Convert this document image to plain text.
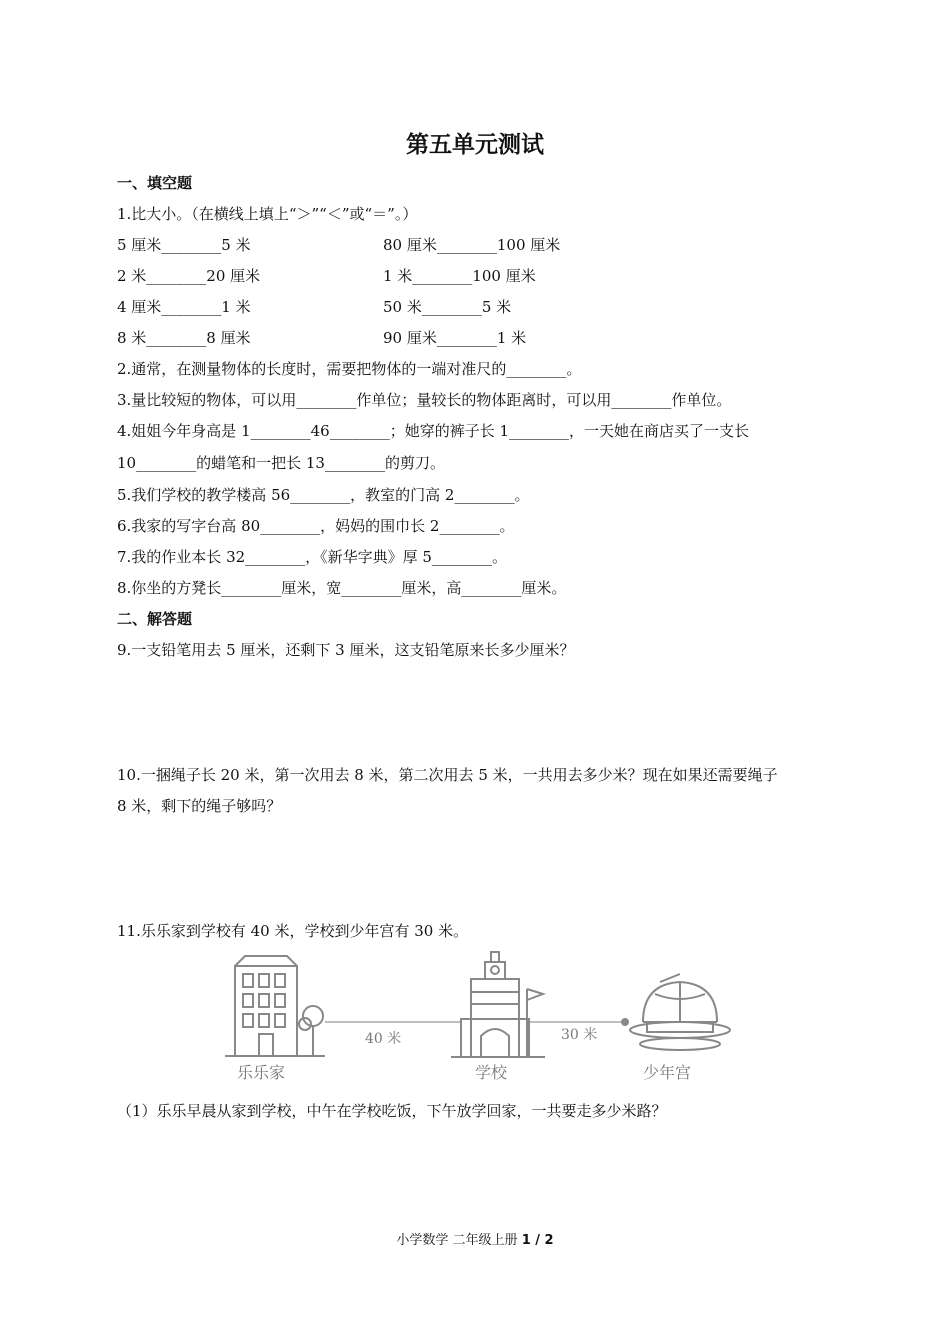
第五单元测试
一、填空题
1.比大小。（在横线上填上“＞”“＜”或“＝”。）
5 厘米________5 米	80 厘米________100 厘米
2 米________20 厘米	1 米________100 厘米
4 厘米________1 米	50 米________5 米
8 米________8 厘米	90 厘米________1 米
2.通常，在测量物体的长度时，需要把物体的一端对准尺的________。
3.量比较短的物体，可以用________作单位；量较长的物体距离时，可以用________作单位。
4.姐姐今年身高是 1________46________；她穿的裤子长 1________，一天她在商店买了一支长
10________的蜡笔和一把长 13________的剪刀。
5.我们学校的教学楼高 56________，教室的门高 2________。
6.我家的写字台高 80________，妈妈的围巾长 2________。
7.我的作业本长 32________，《新华字典》厚 5________。
8.你坐的方凳长________厘米，宽________厘米，高________厘米。
二、解答题
9.一支铅笔用去 5 厘米，还剩下 3 厘米，这支铅笔原来长多少厘米？
10.一捆绳子长 20 米，第一次用去 8 米，第二次用去 5 米，一共用去多少米？现在如果还需要绳子
8 米，剩下的绳子够吗？
11.乐乐家到学校有 40 米，学校到少年宫有 30 米。
40 米	30 米
乐乐家	学校	少年宫
（1）乐乐早晨从家到学校，中午在学校吃饭，下午放学回家，一共要走多少米路？
小学数学 二年级上册 1 / 2
